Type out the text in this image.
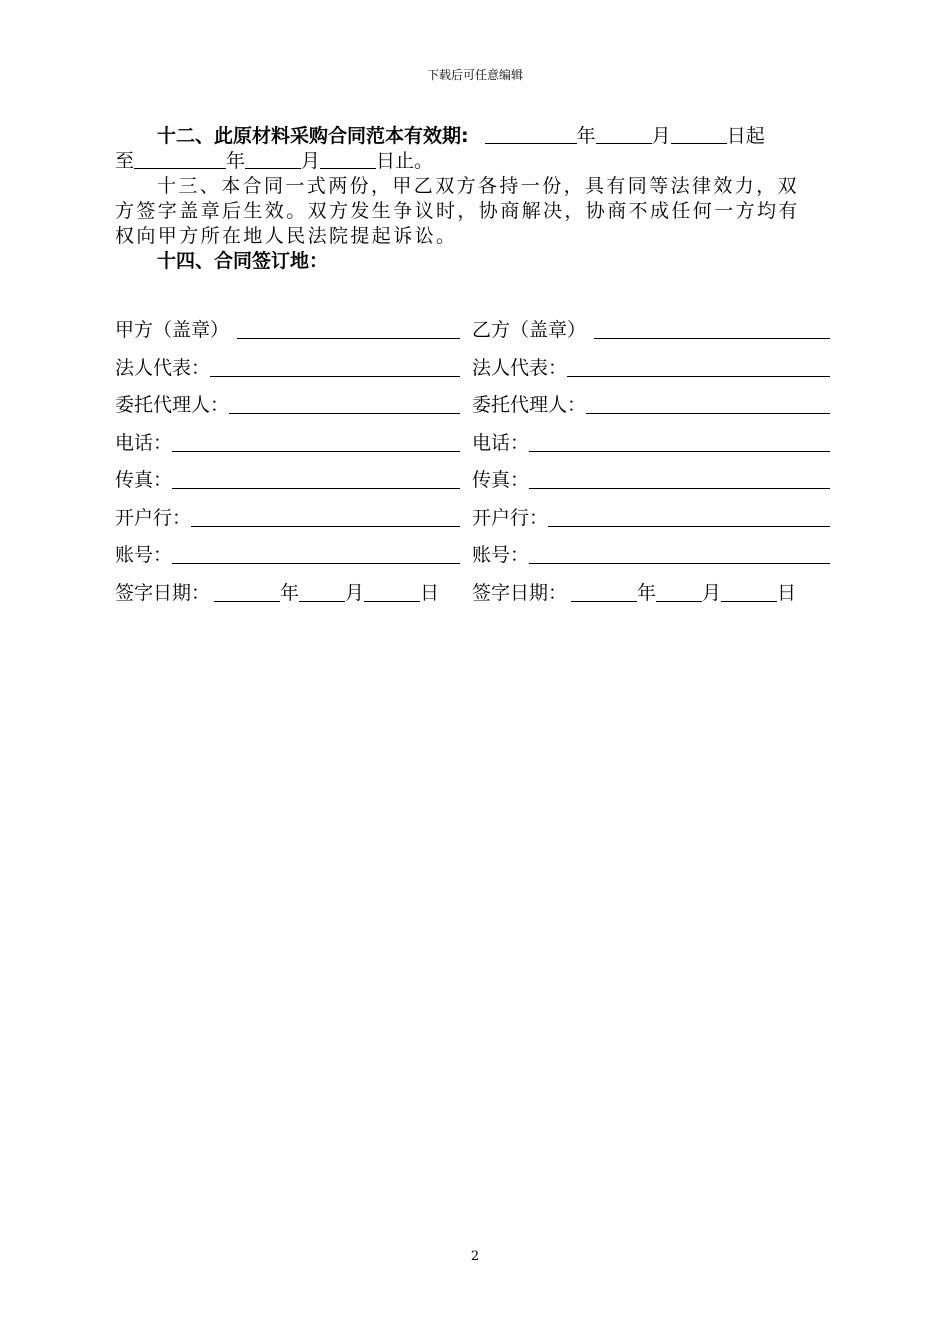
下载后可任意编辑
十二、此原材料采购合同范本有效期:	年	月	日起
至	年	月	日止。
十三、本合同一式两份，甲乙双方各持一份，具有同等法律效力，双
方签字盖章后生效。双方发生争议时，协商解决，协商不成任何一方均有
权向甲方所在地人民法院提起诉讼。
十四、合同签订地：
甲方（盖章）	乙方（盖章）
法人代表：	法人代表：
委托代理人：	委托代理人：
电话：	电话：
传真：	传真：
开户行：	开户行：
账号：	账号：
签字日期：	年 月	日 签字日期：	年 月	日
2
